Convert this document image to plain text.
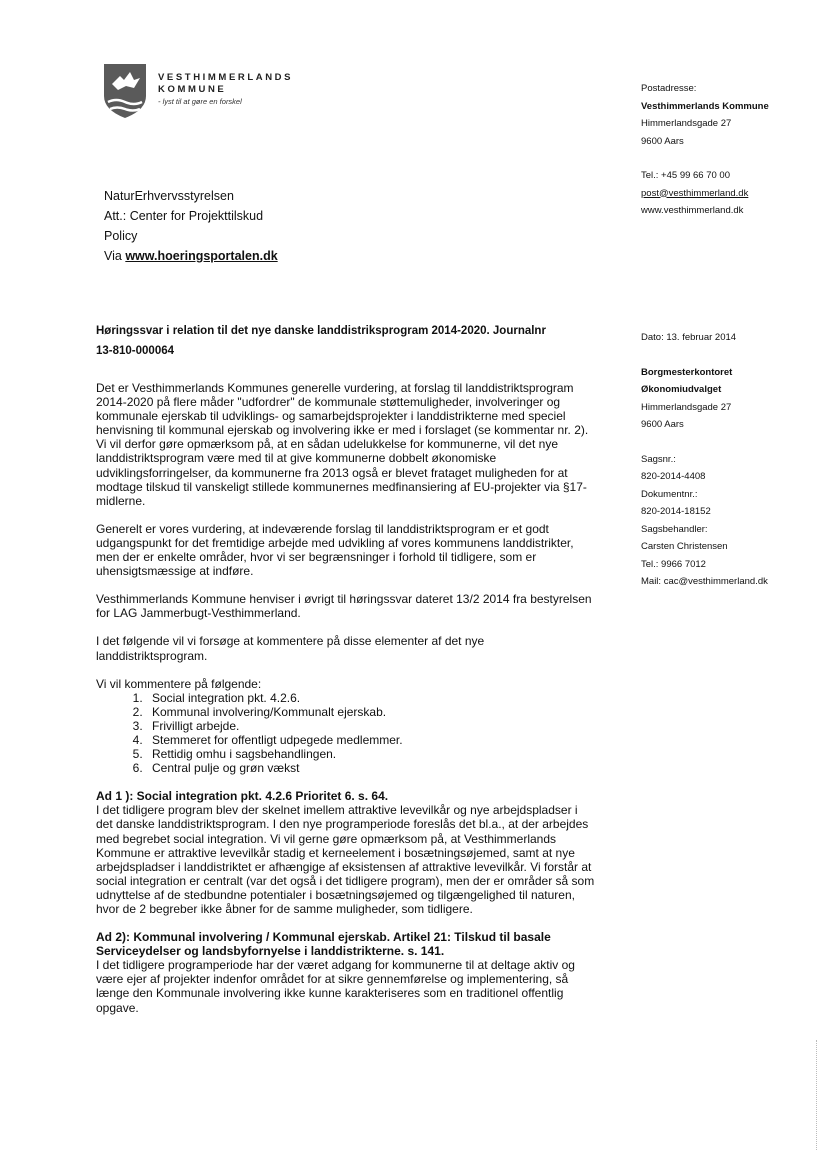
VESTHIMMERLANDS
KOMMUNE
- lyst til at gøre en forskel
Postadresse:
Vesthimmerlands Kommune
Himmerlandsgade 27
9600 Aars
Tel.: +45 99 66 70 00
post@vesthimmerland.dk
www.vesthimmerland.dk
NaturErhvervsstyrelsen
Att.: Center for Projekttilskud
Policy
Via www.hoeringsportalen.dk
Dato: 13. februar 2014
Borgmesterkontoret
Økonomiudvalget
Himmerlandsgade 27
9600 Aars
Sagsnr.:
820-2014-4408
Dokumentnr.:
820-2014-18152
Sagsbehandler:
Carsten Christensen
Tel.: 9966 7012
Mail: cac@vesthimmerland.dk
Høringssvar i relation til det nye danske landdistriksprogram 2014-2020. Journalnr
13-810-000064

Det er Vesthimmerlands Kommunes generelle vurdering, at forslag til landdistriktsprogram 2014-2020 på flere måder "udfordrer" de kommunale støttemuligheder, involveringer og kommunale ejerskab til udviklings- og samarbejdsprojekter i landdistrikterne med speciel henvisning til kommunal ejerskab og involvering ikke er med i forslaget (se kommentar nr. 2).

Vi vil derfor gøre opmærksom på, at en sådan udelukkelse for kommunerne, vil det nye landdistriktsprogram være med til at give kommunerne dobbelt økonomiske udviklingsforringelser, da kommunerne fra 2013 også er blevet frataget muligheden for at modtage tilskud til vanskeligt stillede kommunernes medfinansiering af EU-projekter via §17-midlerne.

Generelt er vores vurdering, at indeværende forslag til landdistriktsprogram er et godt udgangspunkt for det fremtidige arbejde med udvikling af vores kommunens landdistrikter, men der er enkelte områder, hvor vi ser begrænsninger i forhold til tidligere, som er uhensigtsmæssige at indføre.

Vesthimmerlands Kommune henviser i øvrigt til høringssvar dateret 13/2 2014 fra bestyrelsen for LAG Jammerbugt-Vesthimmerland.

I det følgende vil vi forsøge at kommentere på disse elementer af det nye landdistriktsprogram.

Vi vil kommentere på følgende:

1. Social integration pkt. 4.2.6.
2. Kommunal involvering/Kommunalt ejerskab.
3. Frivilligt arbejde.
4. Stemmeret for offentligt udpegede medlemmer.
5. Rettidig omhu i sagsbehandlingen.
6. Central pulje og grøn vækst
Ad 1 ): Social integration pkt. 4.2.6 Prioritet 6. s. 64.

I det tidligere program blev der skelnet imellem attraktive levevilkår og nye arbejdspladser i det danske landdistriktsprogram. I den nye programperiode foreslås det bl.a., at der arbejdes med begrebet social integration. Vi vil gerne gøre opmærksom på, at Vesthimmerlands Kommune er attraktive levevilkår stadig et kerneelement i bosætningsøjemed, samt at nye arbejdspladser i landdistriktet er afhængige af eksistensen af attraktive levevilkår. Vi forstår at social integration er centralt (var det også i det tidligere program), men der er områder så som udnyttelse af de stedbundne potentialer i bosætningsøjemed og tilgængelighed til naturen, hvor de 2 begreber ikke åbner for de samme muligheder, som tidligere.

Ad 2): Kommunal involvering / Kommunal ejerskab. Artikel 21: Tilskud til basale Serviceydelser og landsbyfornyelse i landdistrikterne. s. 141.

I det tidligere programperiode har der været adgang for kommunerne til at deltage aktiv og være ejer af projekter indenfor området for at sikre gennemførelse og implementering, så længe den Kommunale involvering ikke kunne karakteriseres som en traditionel offentlig opgave.
